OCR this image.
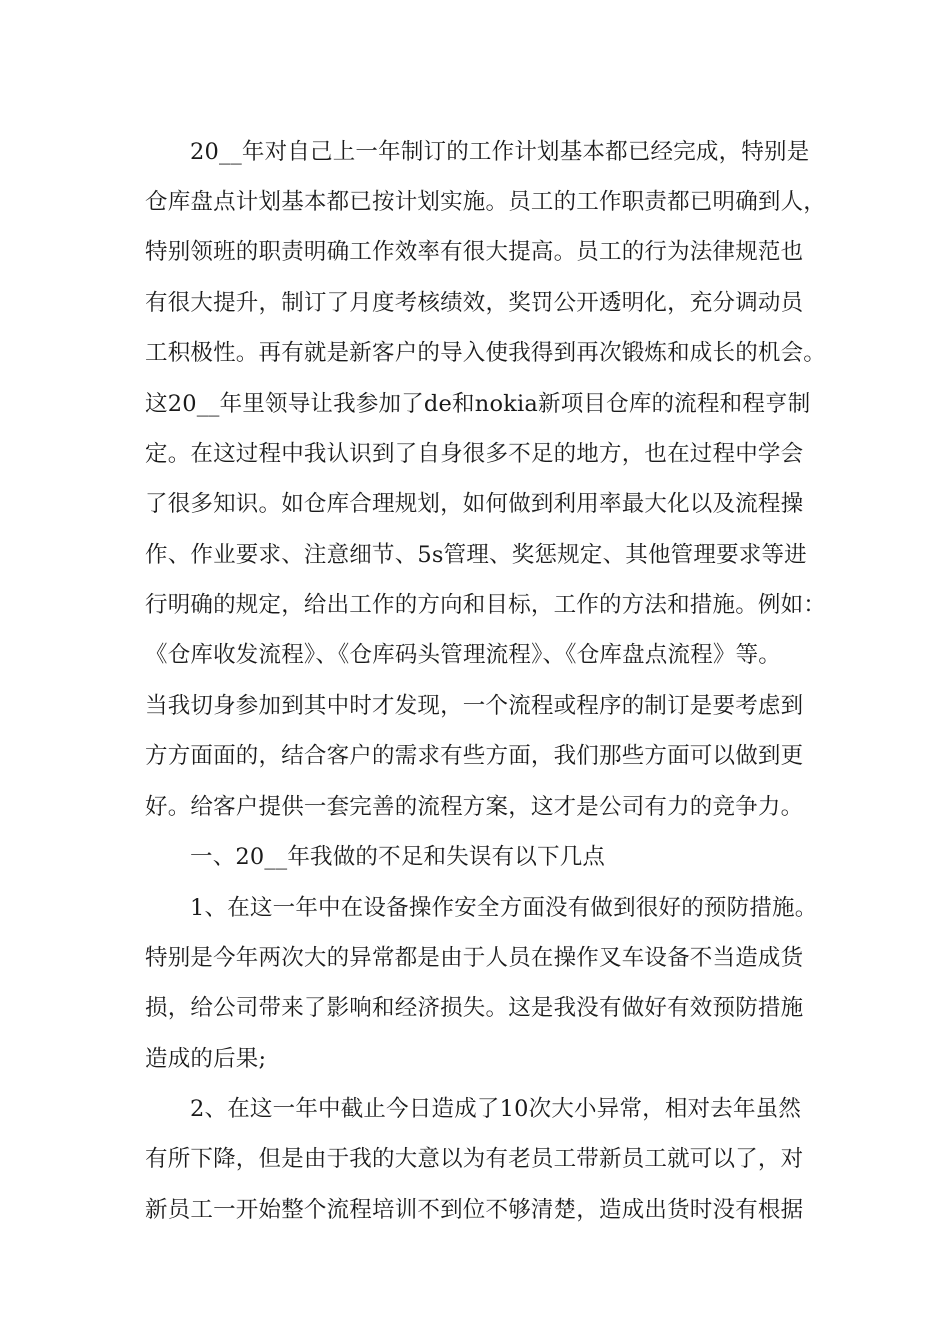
20__年对自己上一年制订的工作计划基本都已经完成，特别是
仓库盘点计划基本都已按计划实施。员工的工作职责都已明确到人，
特别领班的职责明确工作效率有很大提高。员工的行为法律规范也
有很大提升，制订了月度考核绩效，奖罚公开透明化，充分调动员
工积极性。再有就是新客户的导入使我得到再次锻炼和成长的机会。
这20__年里领导让我参加了de和nokia新项目仓库的流程和程亨制
定。在这过程中我认识到了自身很多不足的地方，也在过程中学会
了很多知识。如仓库合理规划，如何做到利用率最大化以及流程操
作、作业要求、注意细节、5s管理、奖惩规定、其他管理要求等进
行明确的规定，给出工作的方向和目标，工作的方法和措施。例如：
《仓库收发流程》、《仓库码头管理流程》、《仓库盘点流程》等。
当我切身参加到其中时才发现，一个流程或程序的制订是要考虑到
方方面面的，结合客户的需求有些方面，我们那些方面可以做到更
好。给客户提供一套完善的流程方案，这才是公司有力的竞争力。
一、20__年我做的不足和失误有以下几点
1、在这一年中在设备操作安全方面没有做到很好的预防措施。
特别是今年两次大的异常都是由于人员在操作叉车设备不当造成货
损，给公司带来了影响和经济损失。这是我没有做好有效预防措施
造成的后果;
2、在这一年中截止今日造成了10次大小异常，相对去年虽然
有所下降，但是由于我的大意以为有老员工带新员工就可以了，对
新员工一开始整个流程培训不到位不够清楚，造成出货时没有根据
